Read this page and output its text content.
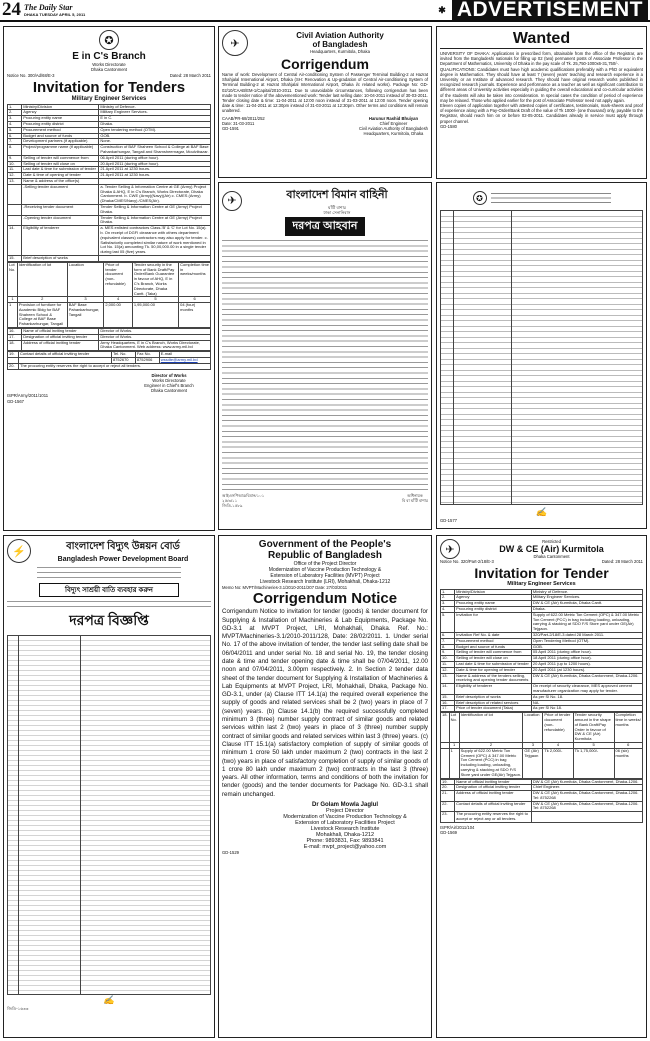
24 The Daily Star
DHAKA TUESDAY APRIL 5, 2011	✱ ADVERTISEMENT
✪
E in C's Branch
Works Directorate
Dhaka Cantonment
Notice No. 300/Ad/68/E-3	Dated: 28 March 2011
Invitation for Tenders
Military Engineer Services
1.	Ministry/Division	Ministry of Defence.
2.	Agency	Military Engineer Services.
3.	Procuring entity name	E in C.
4.	Procuring entity district	Dhaka.
5.	Procurement method	Open tendering method (OTM).
6.	Budget and source of funds	GOB.
7.	Development partners (if applicable)	None.
8.	Project/programme name (if applicable)	Construction of BAF Shaheen School & College at BAF Base Pahankarhungar, Tangail and Shamsheernagar, Moulvibazar.
9.	Selling of tender will commence from	06 April 2011 (during office hour).
10.	Selling of tender will close on	20 April 2011 (during office hour).
11.	Last date & time for submission of tender	21 April 2011 at 1230 hours.
12.	Date & time of opening of tender	21 April 2011 at 1230 hours.
13.	Name & address of the office(s)	
	-Selling tender document	a. Tender Selling & Information Centre at GE (Army) Project Dhaka & AHQ, E in C's Branch, Works Directorate, Dhaka Cantonment. b. CWE (Army)(Navy)(Air) c. CMES (Army)(Dhaka/CMES/Navy) /CMES(Air).
	-Receiving tender document	Tender Selling & Information Centre at GE (Army) Project Dhaka.
	-Opening tender document	Tender Selling & Information Centre at GE (Army) Project Dhaka.
14.	Eligibility of tenderer	a. MES enlisted contractors Class-'B' & 'C' for Lot No. 15(a). b. On receipt of DGFI clearance with others department (equivalent classes) contractors may also apply for tender. c. Satisfactorily completed similar nature of work mentioned in Lot No. 15(a) amounting Tk. 50,00,000.00 in a single tender during last 05 (five) years.
15.	Brief description of works	
Lot No.	Identification of lot	Location	Price of tender document (non-refundable)	Tender security in the form of Bank Draft/Pay Order/Bank Guarantee in favour of AHQ, E in C's Branch, Works Directorate, Dhaka Cantt. (Taka)	Completion time in weeks/months
1	2	3	4	5	6
1	Provision of furniture for Academic Bldg for BAF Shaheen School & College at BAF Base Pahankarhungar, Tangail	BAF Base Pahankarhungar, Tangail	2,000.00	1,95,000.00	04 (four) months
16.	Name of official inviting tender	Director of Works.
17.	Designation of official inviting tender	Director of Works.
18.	Address of official inviting tender	Army Headquarters, E in C's Branch, Works Directorate, Dhaka Cantonment. Web address: www.army.mil.bd
19.	Contact details of official inviting tender	Tel. No.	Fax No.	E-mail
		8752670	8752906	wssdte@army.mil.bd
20.	The procuring entity reserves the right to accept or reject all tenders.			
Director of Works
Works Directorate
Engineer in Chief's Branch
Dhaka Cantonment
ISPR/Army/2011/1011
GD-1567
✈
Civil Aviation Authority
of Bangladesh
Headquarters, Kurmitola, Dhaka
Corrigendum
Name of work: Development of Central Air-conditioning System of Passenger Terminal Building-2 at Hazrat Shahjalal International Airport, Dhaka (SH: Renovation & Up-gradation of Central Air-conditioning System of Terminal Building-2 at Hazrat Shahjalal International Airport, Dhaka i/c related works). Package No: GD-02/10/CAAB/EM-1/Capital/2010-2011. Due to unavoidable circumstances, following corrigendum has been made to tender notice of the abovementioned work: Tender last selling date: 10-04-2011 instead of 30-03-2011. Tender closing date & time: 11-04-2011 at 12:00 noon instead of 31-03-2011 at 12:00 noon. Tender opening date & time: 11-04-2011 at 12:30pm instead of 31-03-2011 at 12:30pm. Other terms and conditions will remain unaltered.
CAAB/PR-68/2011/252
Date: 31-03-2011
GD-1591
Harunur Rashid Bhuiyan
Chief Engineer
Civil Aviation Authority of Bangladesh
Headquarters, Kurmitola, Dhaka
Wanted
UNIVERSITY OF DHAKA: Applications in prescribed form, obtainable from the office of the Registrar, are invited from the Bangladeshi nationals for filling up 02 (two) permanent posts of Associate Professor in the Department of Mathematics, University of Dhaka in the pay scale of Tk. 25,750-1000x6-31,750/-.
QUALIFICATIONS: Candidates must have high academic qualifications preferably with a PhD or equivalent degree in Mathematics. They should have at least 7 (seven) years' teaching and research experience in a University or an Institute of advanced research. They should have original research works published in recognized research journals. Experience and performance as a teacher as well as significant contribution to different areas of University activities especially in guiding the overall educational and co-curricular activities of the students will also be taken into consideration. In special cases the condition of period of experience may be relaxed. Those who applied earlier for the post of Associate Professor need not apply again.
Eleven copies of application together with attested copies of certificates, testimonials, mark-sheets and proof of experience along with a Pay-Order/Bank Draft of the value of Tk 1000/- (one thousand) only, payable to the Registrar, should reach him on or before 02-05-2011. Candidates already in service must apply through proper channel.
GD-1580
✈
বাংলাদেশ বিমান বাহিনী
ঘাঁটি বাশার
ঢাকা সেনানিবাস
দরপত্র আহবান
আইএসপিআর/বিমান/১০১
২৫/৩/১১
জিডি-১৫৮৯
অধিনায়ক
বি বা ঘাঁটি বাশার
✪
✍
GD-1577
⚡	বাংলাদেশ বিদ্যুৎ উন্নয়ন বোর্ড
Bangladesh Power Development Board
বিদ্যুৎ সাশ্রয়ী বাতি ব্যবহার করুন
দরপত্র বিজ্ঞপ্তি
✍
জিডি-১৬৩৩
Government of the People's
Republic of Bangladesh
Office of the Project Director
Modernization of Vaccine Production Technology &
Extension of Laboratory Facilities (MVPT) Project
Livestock Research Institute (LRI), Mohakhali, Dhaka-1212
Memo No: MVPT/Machineries-3.1/2010-2011/207 Date: 27/03/2011
Corrigendum Notice
Corrigendum Notice to invitation for tender (goods) & tender document for Supplying & Installation of Machineries & Lab Equipments, Package No. GD-3.1 at MVPT Project, LRI, Mohakhali, Dhaka. Ref. No.: MVPT/Machineries-3.1/2010-2011/128, Date: 28/02/2011. 1. Under serial No. 17 of the above invitation of tender, the tender last selling date shall be 06/04/2011 and under serial No. 18 and serial No. 19, the tender closing date & time and tender opening date & time shall be 07/04/2011, 12.00 noon and 07/04/2011, 3.00pm respectively. 2. In Section 2 tender data sheet of the tender document for Supplying & Installation of Machineries & Lab Equipments at MVPT Project, LRI, Mohakhali, Dhaka, Package No. GD-3.1, under (a) Clause ITT 14.1(a) the required overall experience the supply of goods and related services shall be 2 (two) years in place of 7 (seven) years. (b) Clause 14.1(b) the required successfully completed minimum 3 (three) number supply contract of similar goods and related services within last 2 (two) years in place of 3 (three) number supply contract of similar goods and related services within last 3 (three) years. (c) Clause ITT 15.1(a) satisfactory completion of supply of similar goods of minimum 1 crore 50 lakh under maximum 2 (two) contracts in the last 2 (two) years in place of satisfactory completion of supply of similar goods of 1 crore 80 lakh under maximum 2 (two) contracts in the last 3 (three) years. All other information, terms and conditions of both the invitation for tender (goods) and the tender documents for Package No. GD-3.1 shall remain unchanged.
Dr Golam Mowla Jaglul
Project Director
Modernization of Vaccine Production Technology &
Extension of Laboratory Facilities Project
Livestock Research Institute
Mohakhali, Dhaka-1212
Phone: 9893831, Fax: 9893841
E-mail: mvpt_project@yahoo.com
GD-1529
✈
Restricted
DW & CE (Air) Kurmitola
Dhaka Cantonment
Notice No. 320/Part-2/18/E-3	Dated: 28 March 2011
Invitation for Tender
Military Engineer Services
1.	Ministry/Division	Ministry of Defence.
2.	Agency	Military Engineer Services.
3.	Procuring entity name	DW & CE (Air) Kurmitola, Dhaka Cantt.
4.	Procuring entity district	Dhaka.
5.	Invitation for	Supply of 622.00 Metric Ton Cement (OPC) & 347.00 Metric Ton Cement (PCC) in bag including loading, unloading, carrying & stacking at SDO F/S Store yard under GE(Air) Tejgaon.
6.	Invitation Ref No. & date	320/Part-2/18/E-3 dated 28 March 2011.
7.	Procurement method	Open Tendering Method (OTM).
8.	Budget and source of funds	GOB.
9.	Selling of tender will commence from	05 April 2011 (during office hour).
10.	Selling of tender will close on	18 April 2011 (during office hour).
11.	Last date & time for submission of tender	20 April 2011 (up to 1200 hours).
12.	Date & time for opening of tender	20 April 2011 (at 1230 hours).
13.	Name & address of the tenders selling, receiving and opening tender documents	DW & CE (Air) Kurmitola, Dhaka Cantonment, Dhaka-1206.
14.	Eligibility of tenderer	On receipt of security clearance, MES approved cement manufacturer organization may apply for tender.
15.	Brief description of works	As per Sl No. 18.
16.	Brief description of related services	NA.
17.	Price of tender document (Taka)	As per Sl No 18.
18.	Lot No.	Identification of lot	Location	Price of tender document (non-refundable)	Tender security amount in the shape of Bank Draft/Pay Order in favour of DW & CE (Air) Kurmitola	Completion time in weeks/ months
	1	2	3	4	5	6
	1	Supply of 622.00 Metric Ton Cement (OPC) & 347.00 Metric Ton Cement (PCC) in bag including loading, unloading, carrying & stacking at SDO F/S Store yard under GE(Air) Tejgaon.	GE (Air) Tejgaon	Tk 2,000/-	Tk 1,75,000/-	06 (six) months
19.	Name of official inviting tender	DW & CE (Air) Kurmitola, Dhaka Cantonment, Dhaka-1206.
20.	Designation of official inviting tender	Chief Engineer.
21.	Address of official inviting tender	DW & CE (Air) Kurmitola, Dhaka Cantonment, Dhaka-1206. Tel: 8752268
22.	Contact details of official inviting tender	DW & CE (Air) Kurmitola, Dhaka Cantonment, Dhaka-1206. Tel: 8752268
23.	The procuring entity reserves the right to accept or reject any or all tenders.	
ISPR/Air/2011/104
GD-1569
